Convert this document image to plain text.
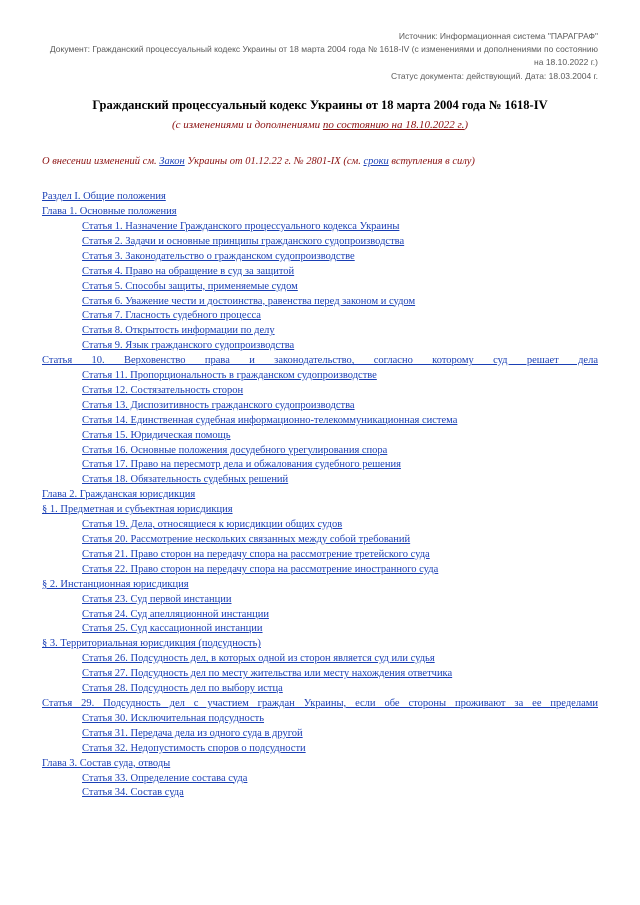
Источник: Информационная система "ПАРАГРАФ"
Документ: Гражданский процессуальный кодекс Украины от 18 марта 2004 года № 1618-IV (с изменениями и дополнениями по состоянию на 18.10.2022 г.)
Статус документа: действующий. Дата: 18.03.2004 г.
Гражданский процессуальный кодекс Украины от 18 марта 2004 года № 1618-IV
(с изменениями и дополнениями по состоянию на 18.10.2022 г.)
О внесении изменений см. Закон Украины от 01.12.22 г. № 2801-IX (см. сроки вступления в силу)
Раздел I. Общие положения
Глава 1. Основные положения
Статья 1. Назначение Гражданского процессуального кодекса Украины
Статья 2. Задачи и основные принципы гражданского судопроизводства
Статья 3. Законодательство о гражданском судопроизводстве
Статья 4. Право на обращение в суд за защитой
Статья 5. Способы защиты, применяемые судом
Статья 6. Уважение чести и достоинства, равенства перед законом и судом
Статья 7. Гласность судебного процесса
Статья 8. Открытость информации по делу
Статья 9. Язык гражданского судопроизводства
Статья 10. Верховенство права и законодательство, согласно которому суд решает дела
Статья 11. Пропорциональность в гражданском судопроизводстве
Статья 12. Состязательность сторон
Статья 13. Диспозитивность гражданского судопроизводства
Статья 14. Единственная судебная информационно-телекоммуникационная система
Статья 15. Юридическая помощь
Статья 16. Основные положения досудебного урегулирования спора
Статья 17. Право на пересмотр дела и обжалования судебного решения
Статья 18. Обязательность судебных решений
Глава 2. Гражданская юрисдикция
§ 1. Предметная и субъектная юрисдикция
Статья 19. Дела, относящиеся к юрисдикции общих судов
Статья 20. Рассмотрение нескольких связанных между собой требований
Статья 21. Право сторон на передачу спора на рассмотрение третейского суда
Статья 22. Право сторон на передачу спора на рассмотрение иностранного суда
§ 2. Инстанционная юрисдикция
Статья 23. Суд первой инстанции
Статья 24. Суд апелляционной инстанции
Статья 25. Суд кассационной инстанции
§ 3. Территориальная юрисдикция (подсудность)
Статья 26. Подсудность дел, в которых одной из сторон является суд или судья
Статья 27. Подсудность дел по месту жительства или месту нахождения ответчика
Статья 28. Подсудность дел по выбору истца
Статья 29. Подсудность дел с участием граждан Украины, если обе стороны проживают за ее пределами
Статья 30. Исключительная подсудность
Статья 31. Передача дела из одного суда в другой
Статья 32. Недопустимость споров о подсудности
Глава 3. Состав суда, отводы
Статья 33. Определение состава суда
Статья 34. Состав суда
